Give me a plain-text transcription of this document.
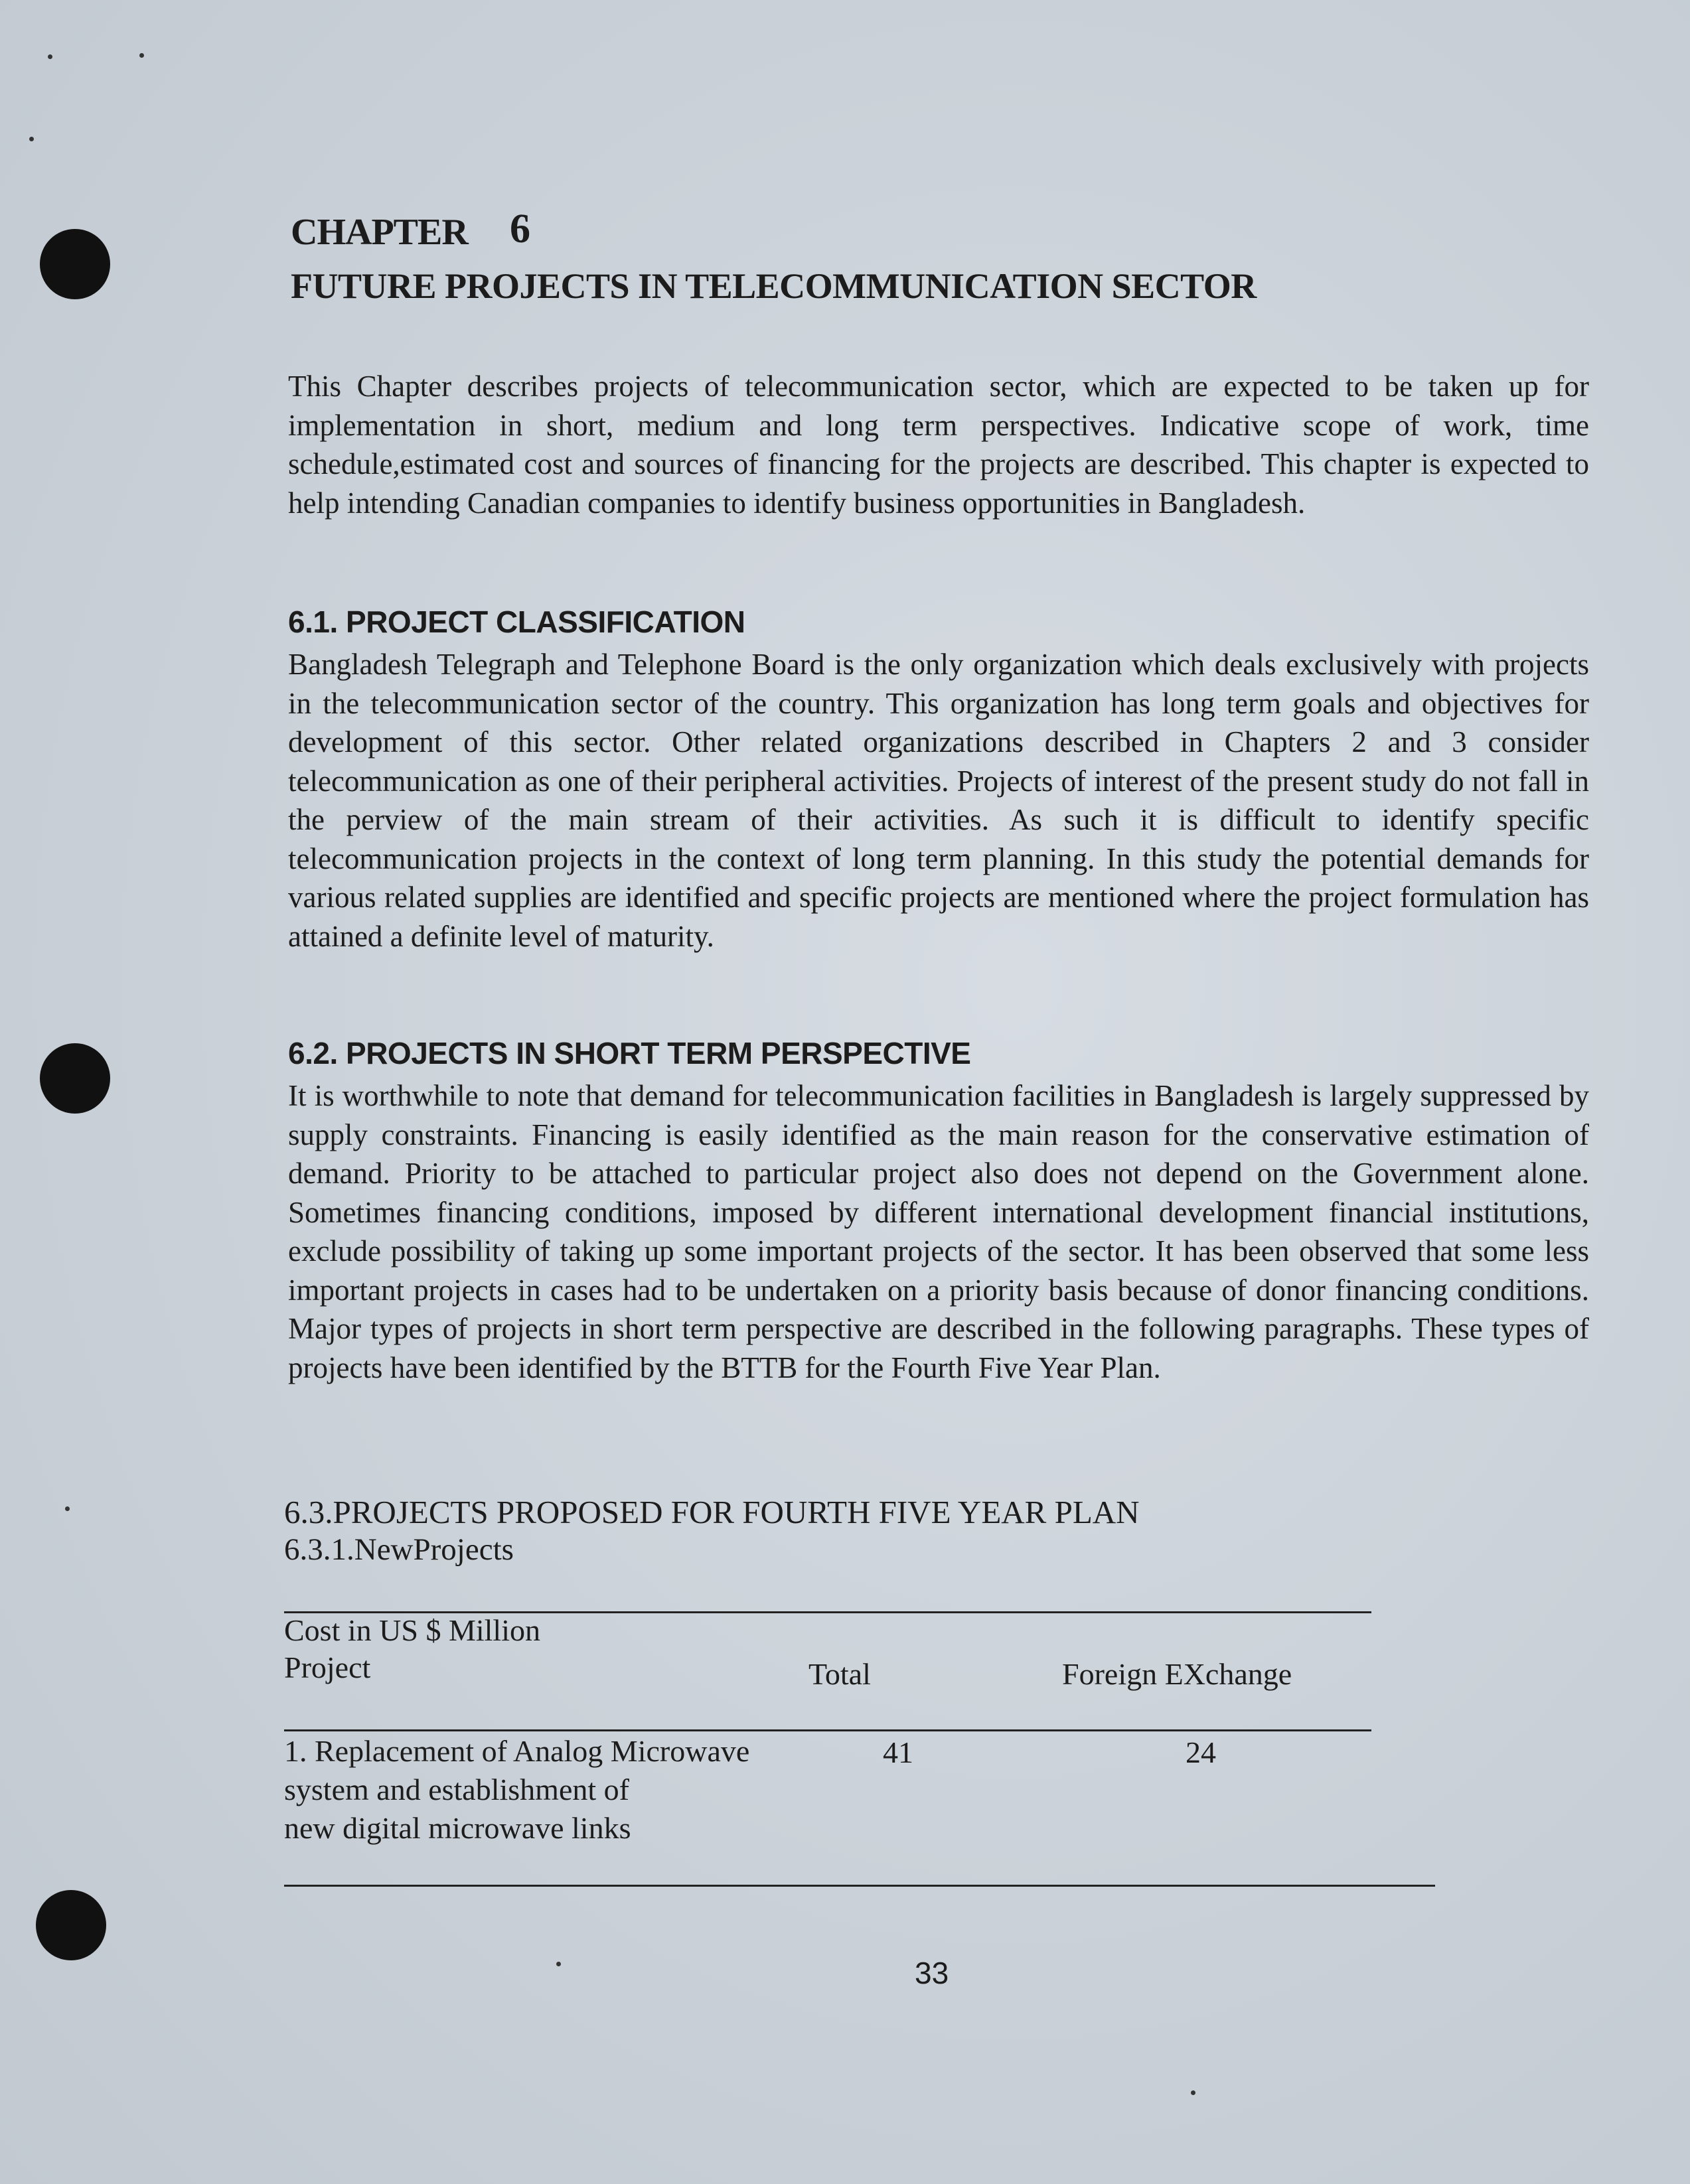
CHAPTER 6
FUTURE PROJECTS IN TELECOMMUNICATION SECTOR
This Chapter describes projects of telecommunication sector, which are expected to be taken up for implementation in short, medium and long term perspectives. Indicative scope of work, time schedule,estimated cost and sources of financing for the projects are described. This chapter is expected to help intending Canadian companies to identify business opportunities in Bangladesh.
6.1. PROJECT CLASSIFICATION
Bangladesh Telegraph and Telephone Board is the only organization which deals exclusively with projects in the telecommunication sector of the country. This organization has long term goals and objectives for development of this sector. Other related organizations described in Chapters 2 and 3 consider telecommunication as one of their peripheral activities. Projects of interest of the present study do not fall in the perview of the main stream of their activities. As such it is difficult to identify specific telecommunication projects in the context of long term planning. In this study the potential demands for various related supplies are identified and specific projects are mentioned where the project formulation has attained a definite level of maturity.
6.2. PROJECTS IN SHORT TERM PERSPECTIVE
It is worthwhile to note that demand for telecommunication facilities in Bangladesh is largely suppressed by supply constraints. Financing is easily identified as the main reason for the conservative estimation of demand. Priority to be attached to particular project also does not depend on the Government alone. Sometimes financing conditions, imposed by different international development financial institutions, exclude possibility of taking up some important projects of the sector. It has been observed that some less important projects in cases had to be undertaken on a priority basis because of donor financing conditions. Major types of projects in short term perspective are described in the following paragraphs. These types of projects have been identified by the BTTB for the Fourth Five Year Plan.
6.3.PROJECTS PROPOSED FOR FOURTH FIVE YEAR PLAN
6.3.1.NewProjects
Cost in US $ Million
Project	Total	Foreign EXchange
1. Replacement of Analog Microwave
system and establishment of
new digital microwave links
41	24
33
